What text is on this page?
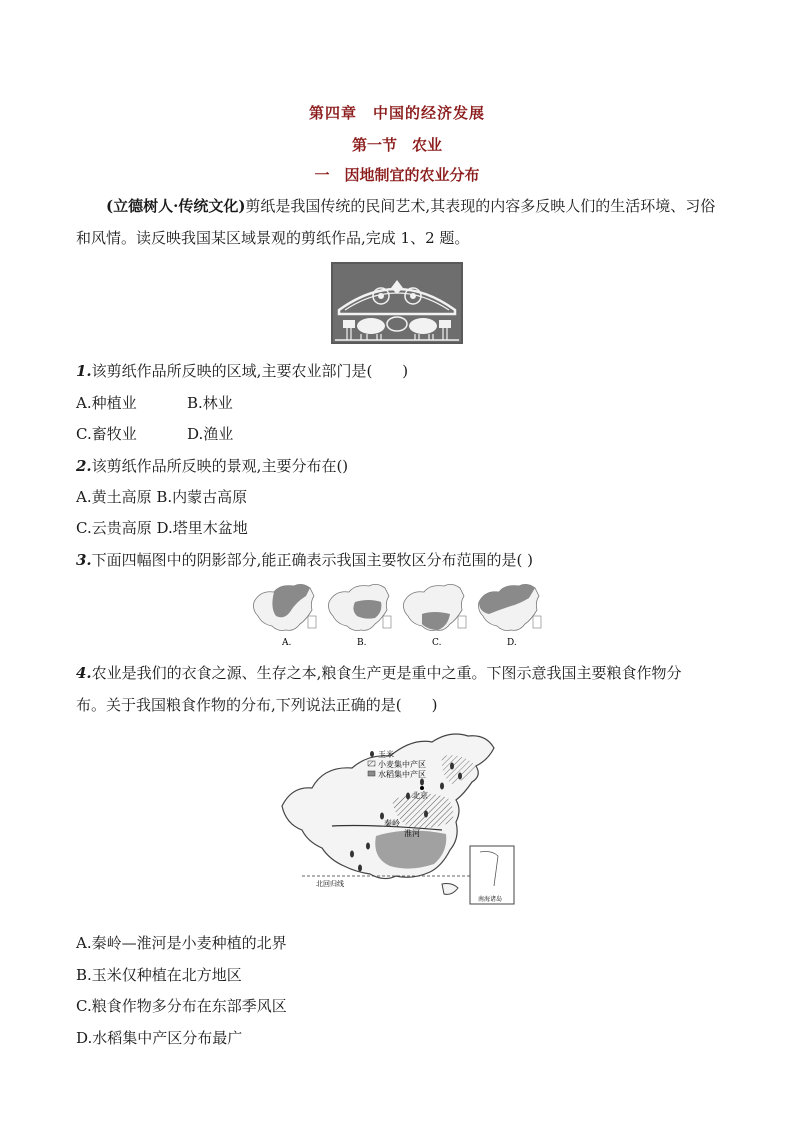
第四章　中国的经济发展
第一节　农业
一　因地制宜的农业分布
(立德树人·传统文化)剪纸是我国传统的民间艺术,其表现的内容多反映人们的生活环境、习俗和风情。读反映我国某区域景观的剪纸作品,完成 1、2 题。
1.该剪纸作品所反映的区域,主要农业部门是(　　)
A.种植业	B.林业
C.畜牧业	D.渔业
2.该剪纸作品所反映的景观,主要分布在()
A.黄土高原 B.内蒙古高原
C.云贵高原 D.塔里木盆地
3.下面四幅图中的阴影部分,能正确表示我国主要牧区分布范围的是( )
A.	B.	C.	D.
4.农业是我们的衣食之源、生存之本,粮食生产更是重中之重。下图示意我国主要粮食作物分
布。关于我国粮食作物的分布,下列说法正确的是(　　)
玉米
小麦集中产区
水稻集中产区
北京
秦岭
淮河
北回归线
南海诸岛
A.秦岭—淮河是小麦种植的北界
B.玉米仅种植在北方地区
C.粮食作物多分布在东部季风区
D.水稻集中产区分布最广
